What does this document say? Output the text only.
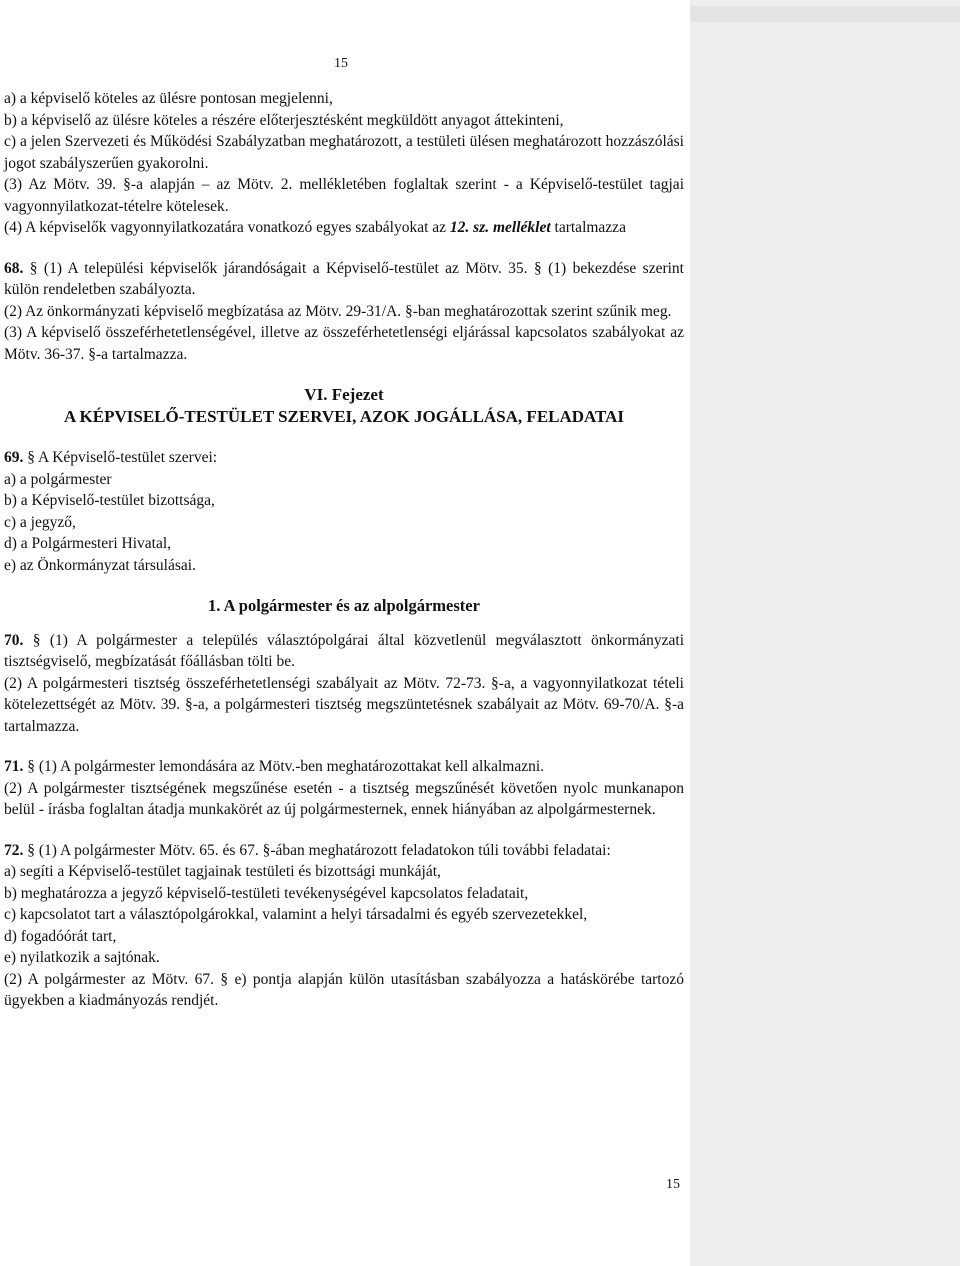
15

a) a képviselő köteles az ülésre pontosan megjelenni,

b) a képviselő az ülésre köteles a részére előterjesztésként megküldött anyagot áttekinteni,

c) a jelen Szervezeti és Működési Szabályzatban meghatározott, a testületi ülésen meghatározott hozzászólási jogot szabályszerűen gyakorolni.

(3) Az Mötv. 39. §-a alapján – az Mötv. 2. mellékletében foglaltak szerint - a Képviselő-testület tagjai vagyonnyilatkozat-tételre kötelesek.

(4) A képviselők vagyonnyilatkozatára vonatkozó egyes szabályokat az 12. sz. melléklet tartalmazza

68. § (1) A települési képviselők járandóságait a Képviselő-testület az Mötv. 35. § (1) bekezdése szerint külön rendeletben szabályozta.

(2) Az önkormányzati képviselő megbízatása az Mötv. 29-31/A. §-ban meghatározottak szerint szűnik meg.

(3) A képviselő összeférhetetlenségével, illetve az összeférhetetlenségi eljárással kapcsolatos szabályokat az Mötv. 36-37. §-a tartalmazza.

VI. Fejezet

A KÉPVISELŐ-TESTÜLET SZERVEI, AZOK JOGÁLLÁSA, FELADATAI

69. § A Képviselő-testület szervei:

a) a polgármester

b) a Képviselő-testület bizottsága,

c) a jegyző,

d) a Polgármesteri Hivatal,

e) az Önkormányzat társulásai.

1. A polgármester és az alpolgármester

70. § (1) A polgármester a település választópolgárai által közvetlenül megválasztott önkormányzati tisztségviselő, megbízatását főállásban tölti be.

(2) A polgármesteri tisztség összeférhetetlenségi szabályait az Mötv. 72-73. §-a, a vagyonnyilatkozat tételi kötelezettségét az Mötv. 39. §-a, a polgármesteri tisztség megszüntetésnek szabályait az Mötv. 69-70/A. §-a tartalmazza.

71. § (1) A polgármester lemondására az Mötv.-ben meghatározottakat kell alkalmazni.

(2) A polgármester tisztségének megszűnése esetén - a tisztség megszűnését követően nyolc munkanapon belül - írásba foglaltan átadja munkakörét az új polgármesternek, ennek hiányában az alpolgármesternek.

72. § (1) A polgármester Mötv. 65. és 67. §-ában meghatározott feladatokon túli további feladatai:

a) segíti a Képviselő-testület tagjainak testületi és bizottsági munkáját,

b) meghatározza a jegyző képviselő-testületi tevékenységével kapcsolatos feladatait,

c) kapcsolatot tart a választópolgárokkal, valamint a helyi társadalmi és egyéb szervezetekkel,

d) fogadóórát tart,

e) nyilatkozik a sajtónak.

(2) A polgármester az Mötv. 67. § e) pontja alapján külön utasításban szabályozza a hatáskörébe tartozó ügyekben a kiadmányozás rendjét.

15
